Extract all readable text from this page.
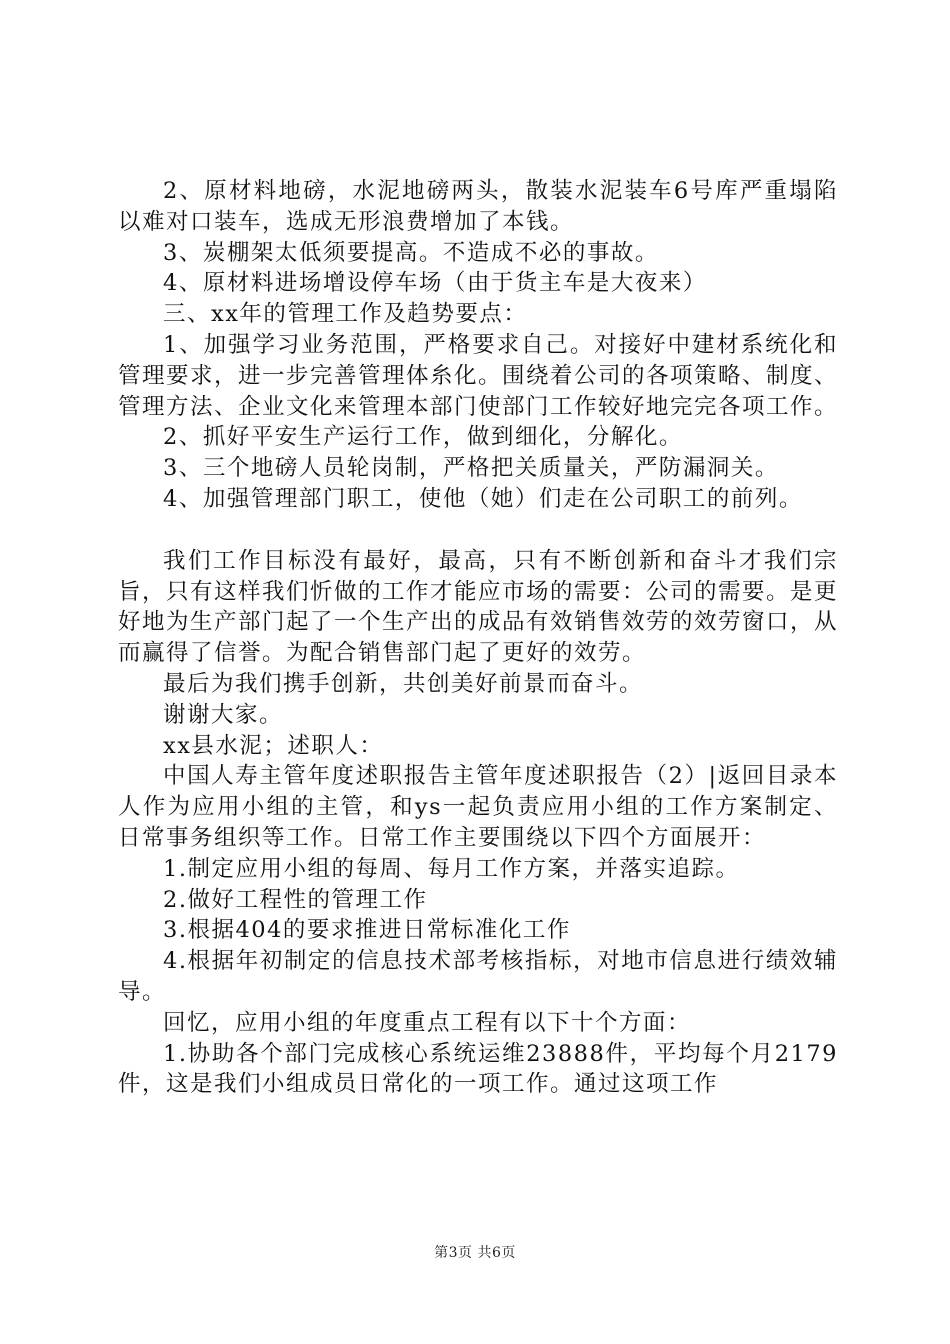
2、原材料地磅，水泥地磅两头，散装水泥装车6号库严重塌陷以难对口装车，选成无形浪费增加了本钱。

3、炭棚架太低须要提高。不造成不必的事故。

4、原材料进场增设停车场（由于货主车是大夜来）

三、xx年的管理工作及趋势要点：

1、加强学习业务范围，严格要求自己。对接好中建材系统化和管理要求，进一步完善管理体糸化。围绕着公司的各项策略、制度、管理方法、企业文化来管理本部门使部门工作较好地完完各项工作。

2、抓好平安生产运行工作，做到细化，分解化。

3、三个地磅人员轮岗制，严格把关质量关，严防漏洞关。

4、加强管理部门职工，使他（她）们走在公司职工的前列。

我们工作目标没有最好，最高，只有不断创新和奋斗才我们宗旨，只有这样我们忻做的工作才能应市场的需要：公司的需要。是更好地为生产部门起了一个生产出的成品有效销售效劳的效劳窗口，从而赢得了信誉。为配合销售部门起了更好的效劳。

最后为我们携手创新，共创美好前景而奋斗。

谢谢大家。

xx县水泥；述职人：

中国人寿主管年度述职报告主管年度述职报告（2）|返回目录本人作为应用小组的主管，和ys一起负责应用小组的工作方案制定、日常事务组织等工作。日常工作主要围绕以下四个方面展开：

1.制定应用小组的每周、每月工作方案，并落实追踪。

2.做好工程性的管理工作

3.根据404的要求推进日常标准化工作

4.根据年初制定的信息技术部考核指标，对地市信息进行绩效辅导。

回忆，应用小组的年度重点工程有以下十个方面：

1.协助各个部门完成核心系统运维23888件，平均每个月2179件，这是我们小组成员日常化的一项工作。通过这项工作

第3页 共6页
